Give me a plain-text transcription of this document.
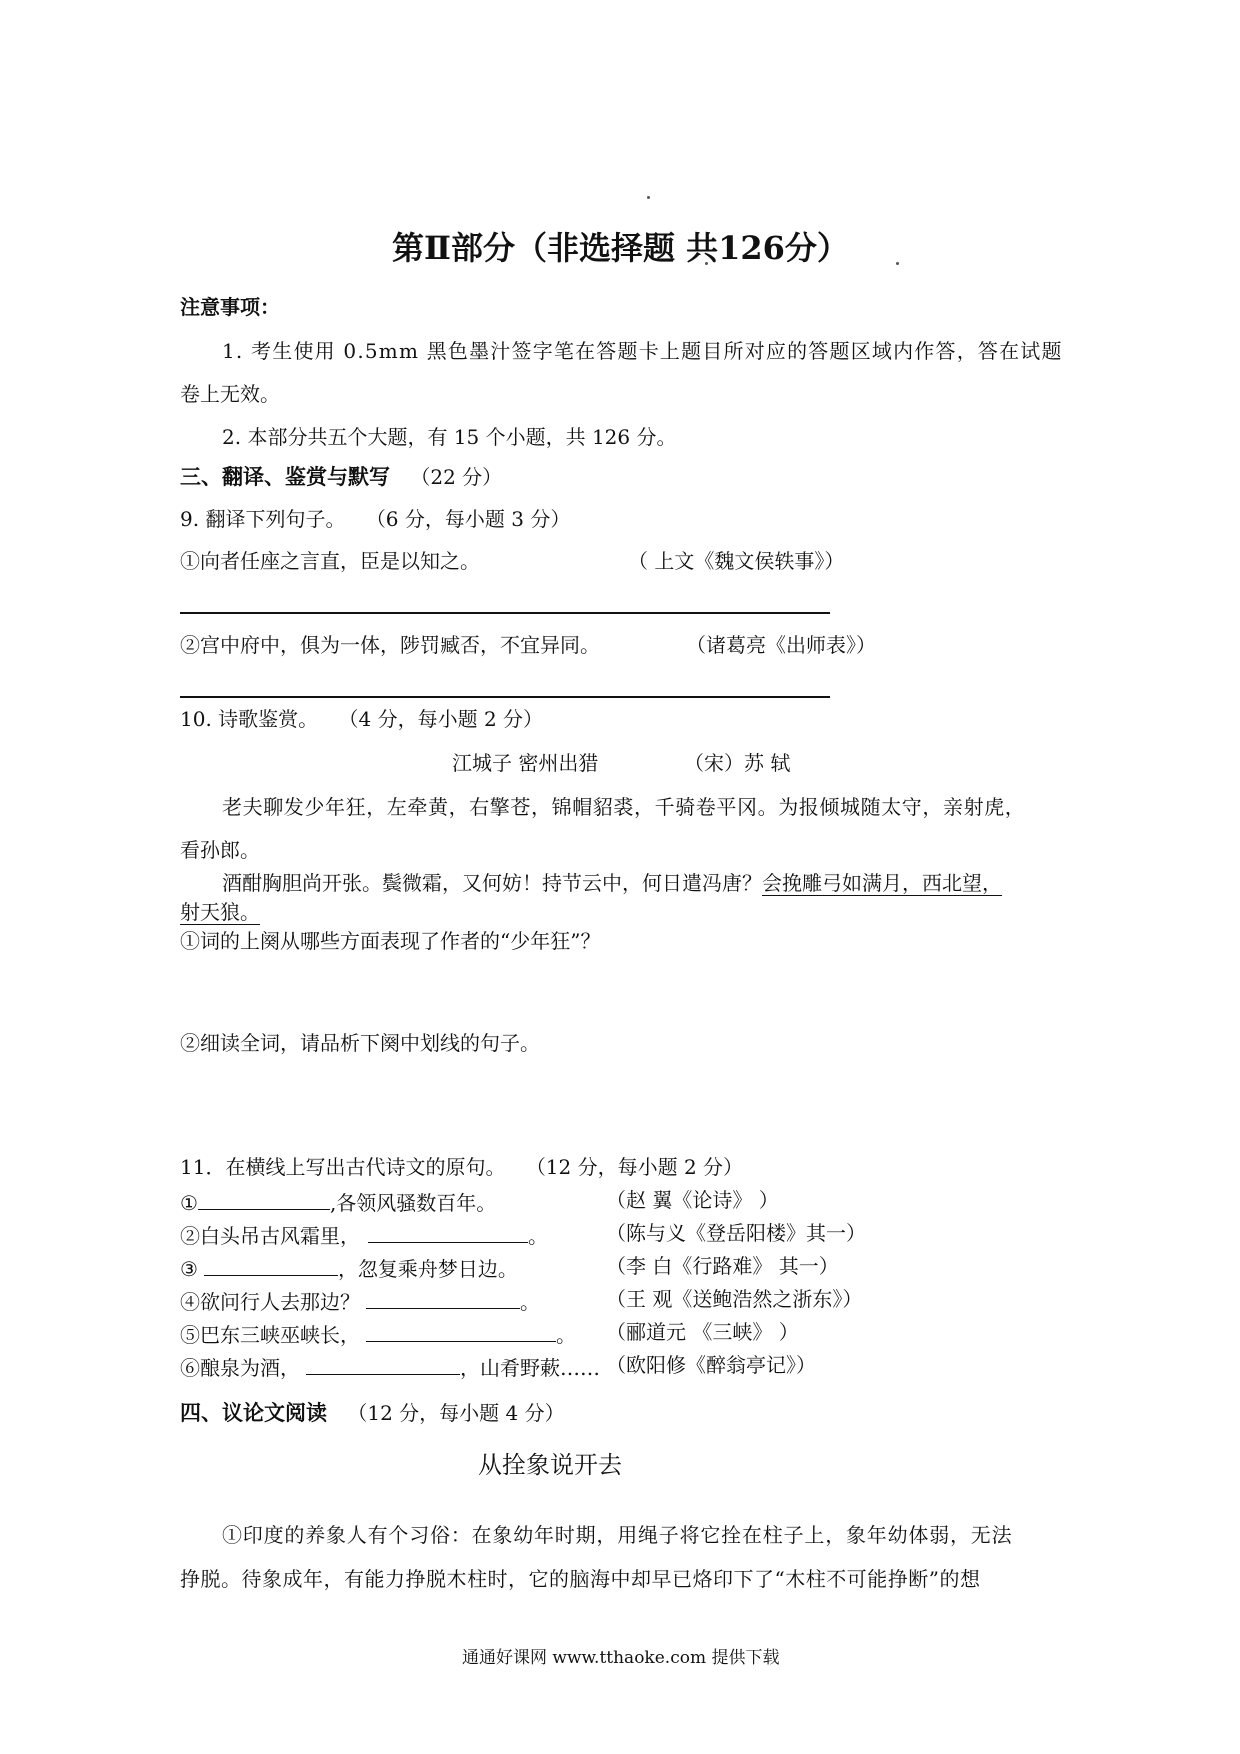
第Ⅱ部分（非选择题 共126分）
注意事项：
1. 考生使用 0.5mm 黑色墨汁签字笔在答题卡上题目所对应的答题区域内作答，答在试题
卷上无效。
2. 本部分共五个大题，有 15 个小题，共 126 分。
三、翻译、鉴赏与默写 （22 分）
9. 翻译下列句子。 （6 分，每小题 3 分）
①向者任座之言直，臣是以知之。	（ 上文《魏文侯轶事》）
②宫中府中，俱为一体，陟罚臧否，不宜异同。	（诸葛亮《出师表》）
10. 诗歌鉴赏。 （4 分，每小题 2 分）
江城子 密州出猎	（宋）苏 轼
老夫聊发少年狂，左牵黄，右擎苍，锦帽貂裘，千骑卷平冈。为报倾城随太守，亲射虎，
看孙郎。
酒酣胸胆尚开张。鬓微霜，又何妨！持节云中，何日遣冯唐？会挽雕弓如满月，西北望，
射天狼。
①词的上阕从哪些方面表现了作者的“少年狂”？
②细读全词，请品析下阕中划线的句子。
11．在横线上写出古代诗文的原句。 （12 分，每小题 2 分）
①	,各领风骚数百年。	（赵 翼《论诗》 ）
②白头吊古风霜里，	。	（陈与义《登岳阳楼》其一）
③	，忽复乘舟梦日边。	（李 白《行路难》 其一）
④欲问行人去那边？	。	（王 观《送鲍浩然之浙东》）
⑤巴东三峡巫峡长，	。 （郦道元 《三峡》 ）
⑥酿泉为酒，	，山肴野蔌…… （欧阳修《醉翁亭记》）
四、议论文阅读 （12 分，每小题 4 分）
从拴象说开去
①印度的养象人有个习俗：在象幼年时期，用绳子将它拴在柱子上，象年幼体弱，无法
挣脱。待象成年，有能力挣脱木柱时，它的脑海中却早已烙印下了“木柱不可能挣断”的想
通通好课网 www.tthaoke.com 提供下载
